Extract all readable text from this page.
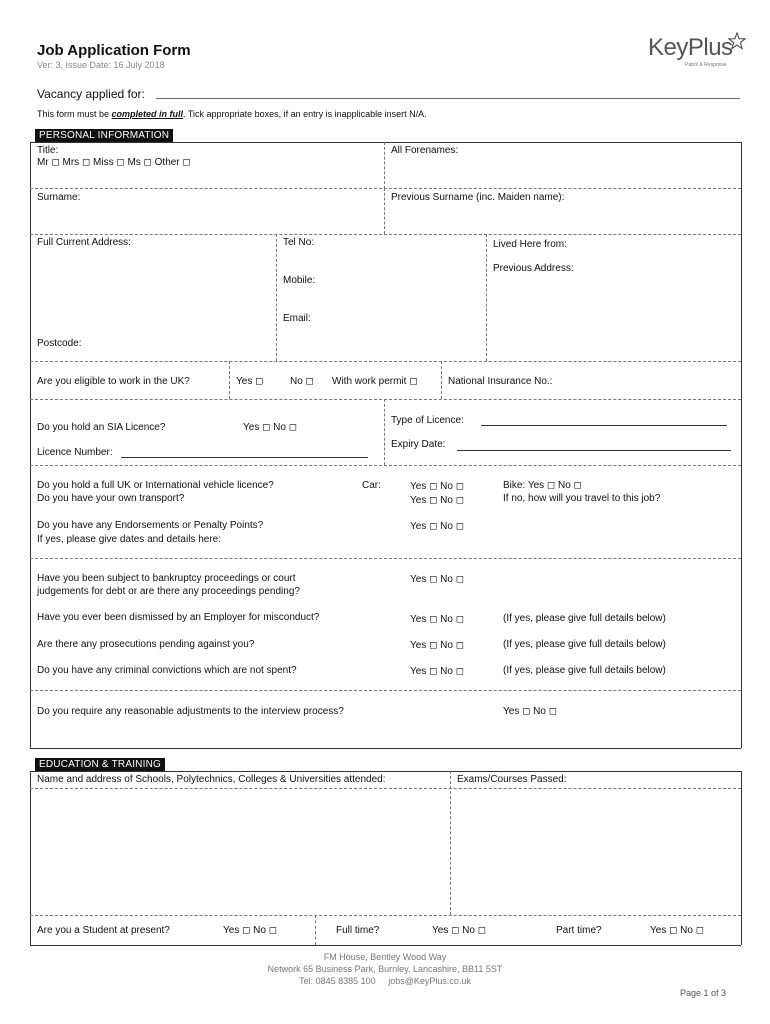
Job Application Form
Ver: 3, Issue Date: 16 July 2018
KeyPlus
Patrol & Response
Vacancy applied for:
This form must be completed in full. Tick appropriate boxes, if an entry is inapplicable insert N/A.
PERSONAL INFORMATION
Title:
Mr ◻ Mrs ◻ Miss ◻ Ms ◻ Other ◻
All Forenames:
Surname:	Previous Surname (inc. Maiden name):
Full Current Address:
Postcode:
Tel No:
Mobile:
Email:
Lived Here from:
Previous Address:
Are you eligible to work in the UK?	Yes ◻	No ◻ With work permit ◻	National Insurance No.:
Do you hold an SIA Licence?	Yes ◻ No ◻
Licence Number:
Type of Licence:
Expiry Date:
Do you hold a full UK or International vehicle licence?	Car:	Yes ◻ No ◻	Bike: Yes ◻ No ◻
Do you have your own transport?	Yes ◻ No ◻	If no, how will you travel to this job?
Do you have any Endorsements or Penalty Points?	Yes ◻ No ◻
If yes, please give dates and details here:
Have you been subject to bankruptcy proceedings or court
judgements for debt or are there any proceedings pending?
Yes ◻ No ◻
Have you ever been dismissed by an Employer for misconduct?	Yes ◻ No ◻	(If yes, please give full details below)
Are there any prosecutions pending against you?	Yes ◻ No ◻	(If yes, please give full details below)
Do you have any criminal convictions which are not spent?	Yes ◻ No ◻	(If yes, please give full details below)
Do you require any reasonable adjustments to the interview process?	Yes ◻ No ◻
EDUCATION & TRAINING
Name and address of Schools, Polytechnics, Colleges & Universities attended:	Exams/Courses Passed:
Are you a Student at present?	Yes ◻ No ◻	Full time?	Yes ◻ No ◻	Part time?	Yes ◻ No ◻
FM House, Bentley Wood Way
Network 65 Business Park, Burnley, Lancashire, BB11 5ST
Tel: 0845 8385 100     jobs@KeyPlus.co.uk
Page 1 of 3
